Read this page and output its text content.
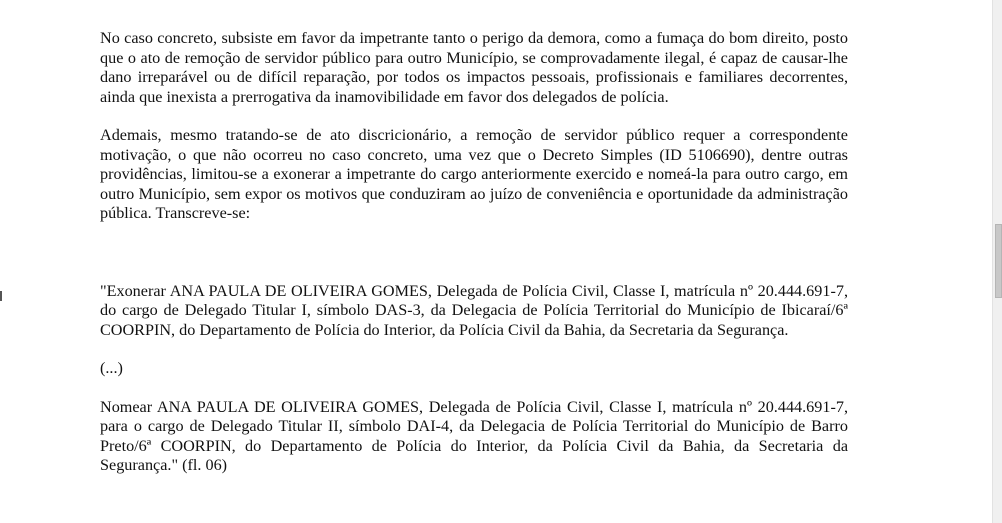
No caso concreto, subsiste em favor da impetrante tanto o perigo da demora, como a fumaça do bom direito, posto que o ato de remoção de servidor público para outro Município, se comprovadamente ilegal, é capaz de causar-lhe dano irreparável ou de difícil reparação, por todos os impactos pessoais, profissionais e familiares decorrentes, ainda que inexista a prerrogativa da inamovibilidade em favor dos delegados de polícia.

Ademais, mesmo tratando-se de ato discricionário, a remoção de servidor público requer a correspondente motivação, o que não ocorreu no caso concreto, uma vez que o Decreto Simples (ID 5106690), dentre outras providências, limitou-se a exonerar a impetrante do cargo anteriormente exercido e nomeá-la para outro cargo, em outro Município, sem expor os motivos que conduziram ao juízo de conveniência e oportunidade da administração pública. Transcreve-se:

"Exonerar ANA PAULA DE OLIVEIRA GOMES, Delegada de Polícia Civil, Classe I, matrícula nº 20.444.691-7, do cargo de Delegado Titular I, símbolo DAS-3, da Delegacia de Polícia Territorial do Município de Ibicaraí/6ª COORPIN, do Departamento de Polícia do Interior, da Polícia Civil da Bahia, da Secretaria da Segurança.

(...)

Nomear ANA PAULA DE OLIVEIRA GOMES, Delegada de Polícia Civil, Classe I, matrícula nº 20.444.691-7, para o cargo de Delegado Titular II, símbolo DAI-4, da Delegacia de Polícia Territorial do Município de Barro Preto/6ª COORPIN, do Departamento de Polícia do Interior, da Polícia Civil da Bahia, da Secretaria da Segurança." (fl. 06)
